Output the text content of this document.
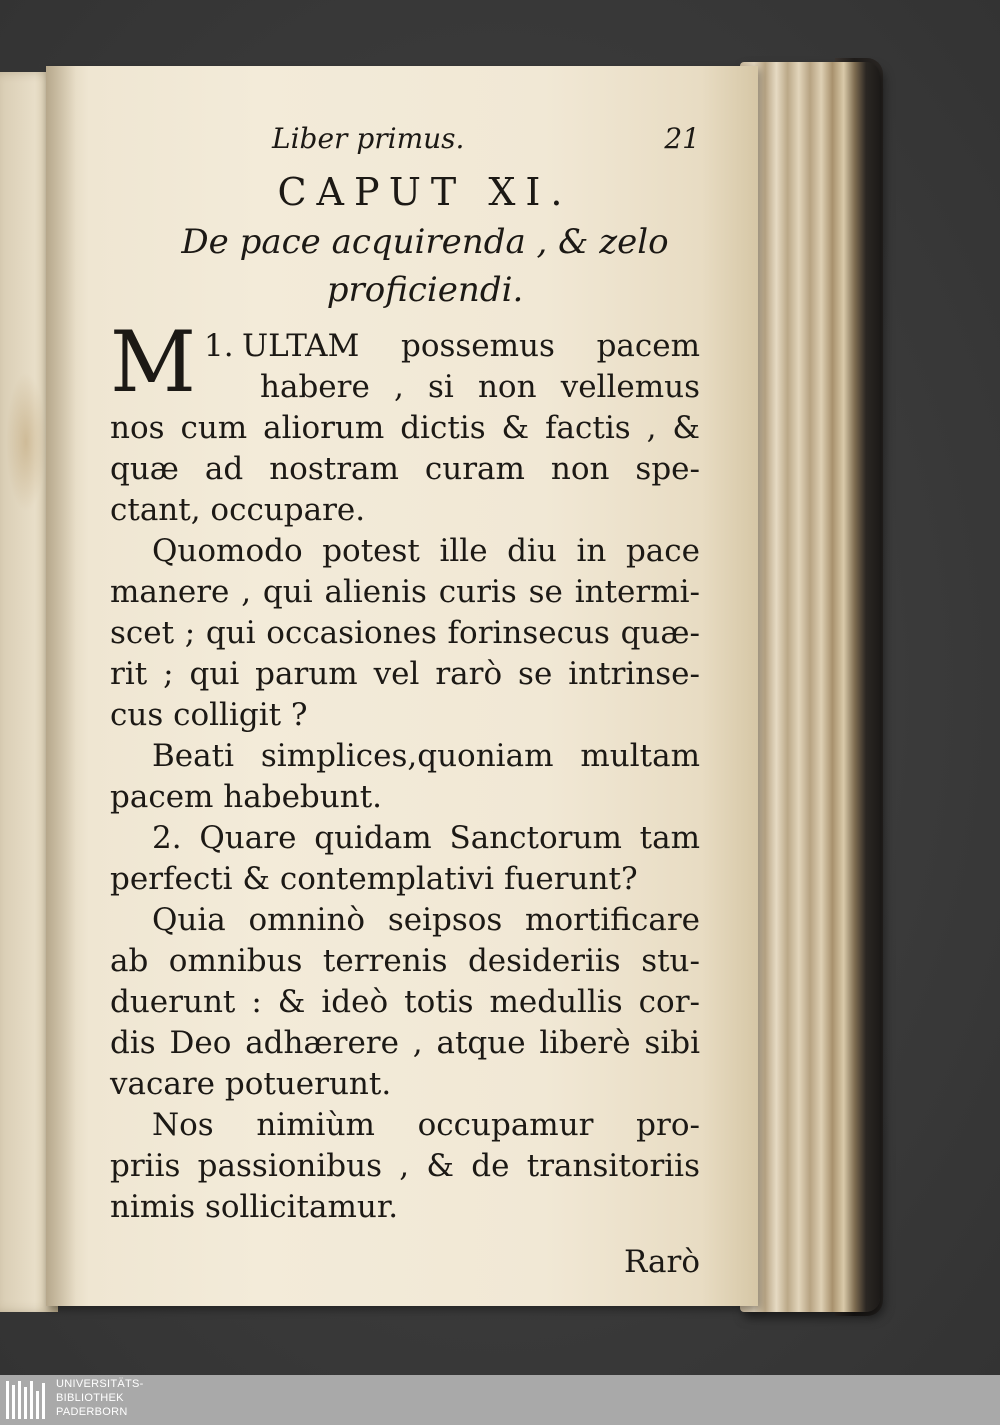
Liber primus.	21
CAPUT XI.
De pace acquirenda , & zelo
proficiendi.
1.
M ULTAM possemus pacem
habere , si non vellemus
nos cum aliorum dictis & factis , &
quæ ad nostram curam non spe-
ctant, occupare.
Quomodo potest ille diu in pace
manere , qui alienis curis se intermi-
scet ; qui occasiones forinsecus quæ-
rit ; qui parum vel rarò se intrinse-
cus colligit ?
Beati simplices,quoniam multam
pacem habebunt.
2. Quare quidam Sanctorum tam
perfecti & contemplativi fuerunt?
Quia omninò seipsos mortificare
ab omnibus terrenis desideriis stu-
duerunt : & ideò totis medullis cor-
dis Deo adhærere , atque liberè sibi
vacare potuerunt.
Nos nimiùm occupamur pro-
priis passionibus , & de transitoriis
nimis sollicitamur.
Rarò
UNIVERSITÄTS-
BIBLIOTHEK
PADERBORN
